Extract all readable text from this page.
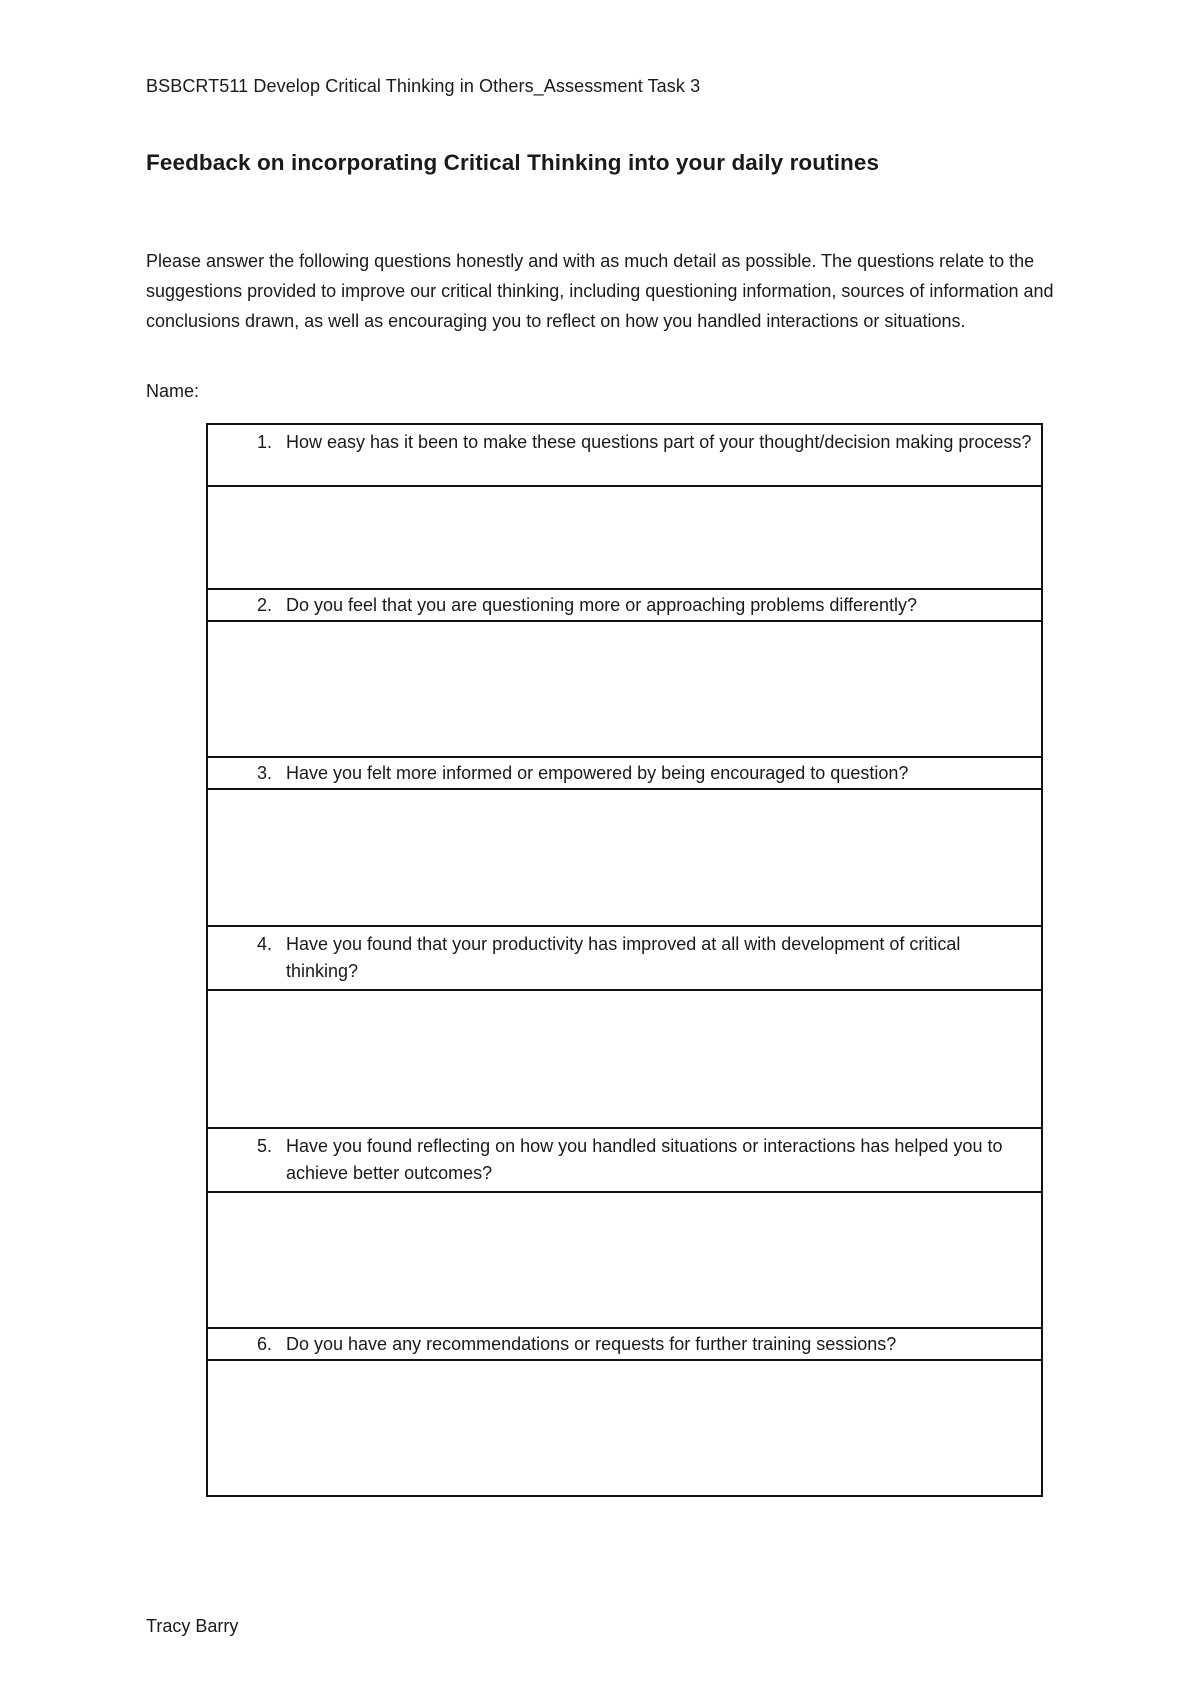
BSBCRT511 Develop Critical Thinking in Others_Assessment Task 3
Feedback on incorporating Critical Thinking into your daily routines

Please answer the following questions honestly and with as much detail as possible. The questions relate to the suggestions provided to improve our critical thinking, including questioning information, sources of information and conclusions drawn, as well as encouraging you to reflect on how you handled interactions or situations.

Name:
1. How easy has it been to make these questions part of your thought/decision making process?

2. Do you feel that you are questioning more or approaching problems differently?

3. Have you felt more informed or empowered by being encouraged to question?

4. Have you found that your productivity has improved at all with development of critical thinking?

5. Have you found reflecting on how you handled situations or interactions has helped you to achieve better outcomes?

6. Do you have any recommendations or requests for further training sessions?

Tracy Barry
